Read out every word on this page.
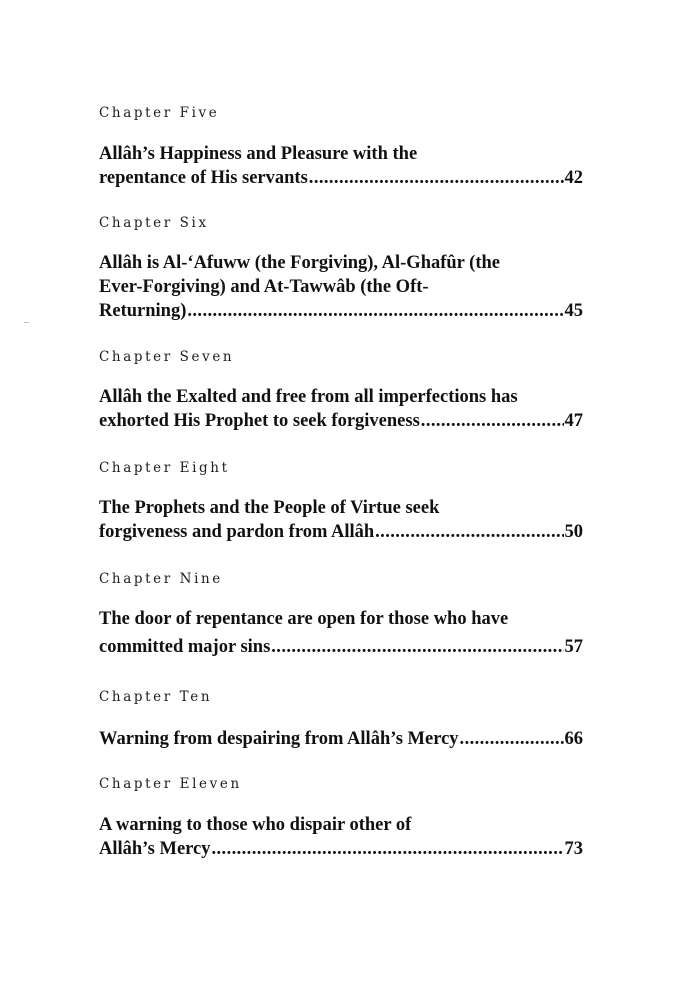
Chapter Five
Allâh’s Happiness and Pleasure with the
repentance of His servants .....	42
Chapter Six
Allâh is Al-‘Afuww (the Forgiving), Al-Ghafûr (the
Ever-Forgiving) and At-Tawwâb (the Oft-
Returning) .....	45
Chapter Seven
Allâh the Exalted and free from all imperfections has
exhorted His Prophet to seek forgiveness .....	47
Chapter Eight
The Prophets and the People of Virtue seek
forgiveness and pardon from Allâh .....	50
Chapter Nine
The door of repentance are open for those who have
committed major sins .....	57
Chapter Ten
Warning from despairing from Allâh’s Mercy .....	66
Chapter Eleven
A warning to those who dispair other of
Allâh’s Mercy .....	73
